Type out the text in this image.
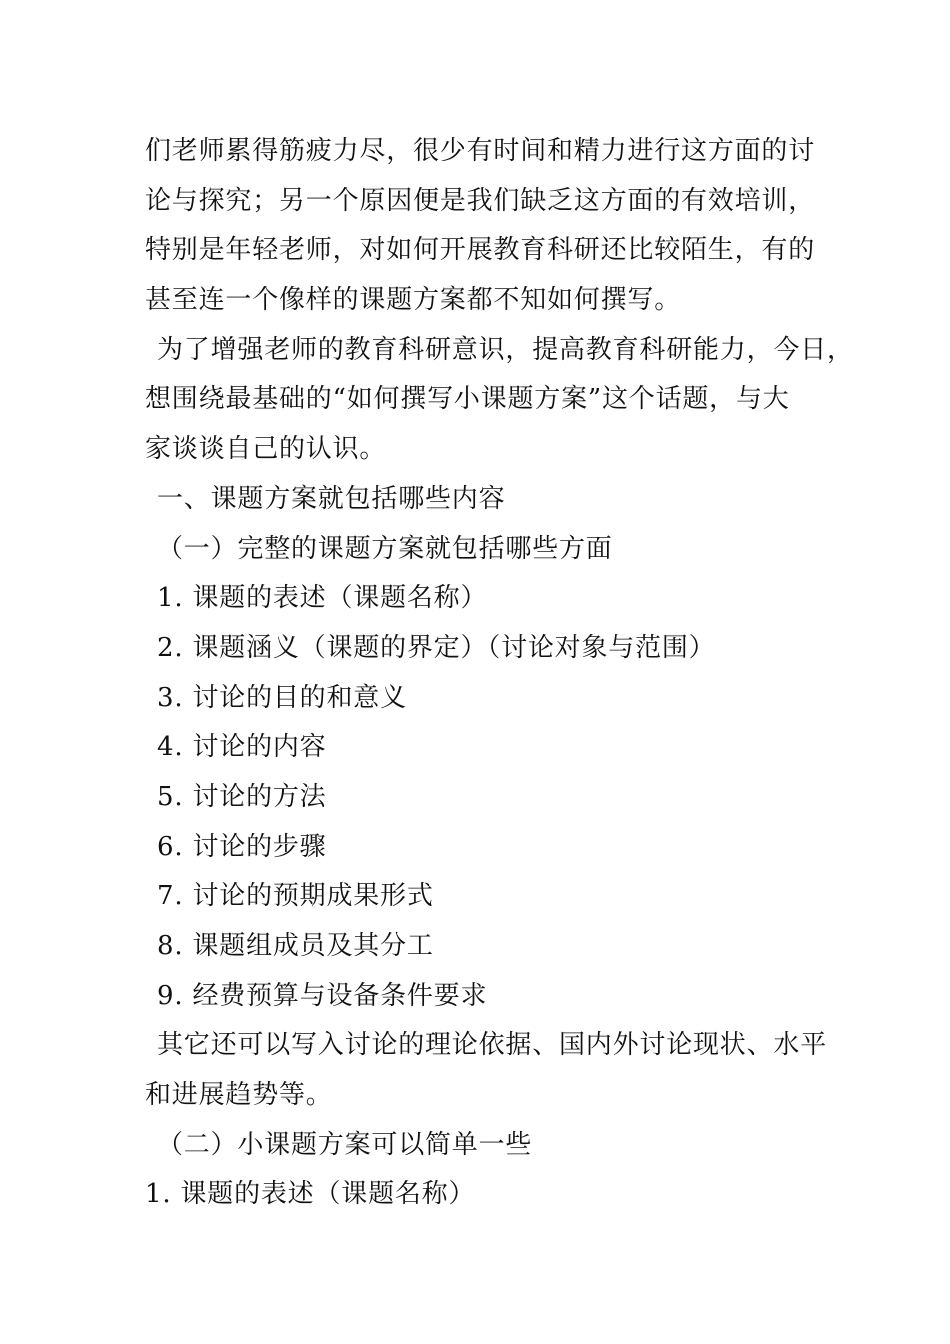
们老师累得筋疲力尽，很少有时间和精力进行这方面的讨
论与探究；另一个原因便是我们缺乏这方面的有效培训，
特别是年轻老师，对如何开展教育科研还比较陌生，有的
甚至连一个像样的课题方案都不知如何撰写。
为了增强老师的教育科研意识，提高教育科研能力，今日，
想围绕最基础的“如何撰写小课题方案”这个话题，与大
家谈谈自己的认识。
一、课题方案就包括哪些内容
（一）完整的课题方案就包括哪些方面
1. 课题的表述（课题名称）
2. 课题涵义（课题的界定）（讨论对象与范围）
3. 讨论的目的和意义
4. 讨论的内容
5. 讨论的方法
6. 讨论的步骤
7. 讨论的预期成果形式
8. 课题组成员及其分工
9. 经费预算与设备条件要求
其它还可以写入讨论的理论依据、国内外讨论现状、水平
和进展趋势等。
（二）小课题方案可以简单一些
1. 课题的表述（课题名称）
